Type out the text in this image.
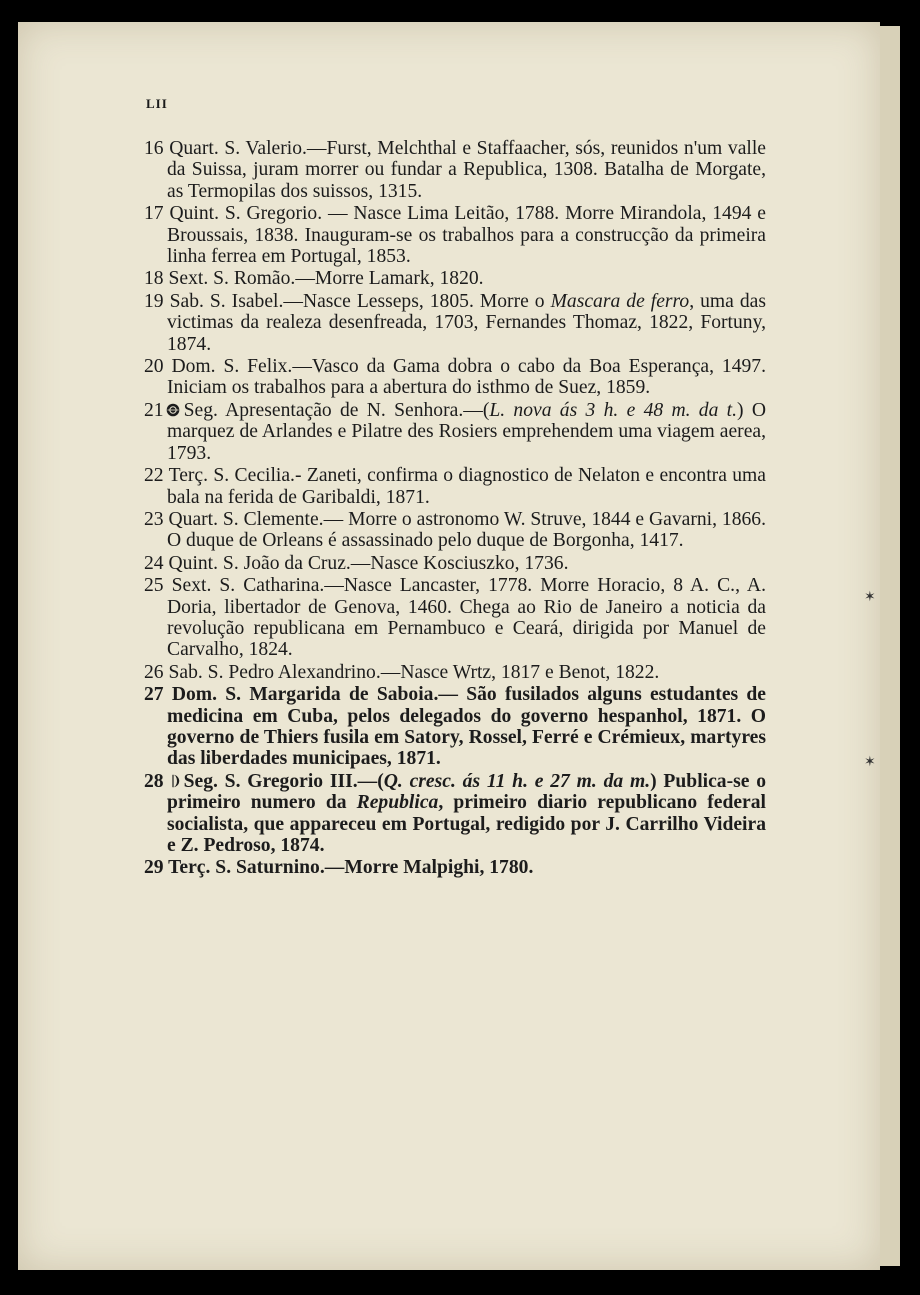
✶
✶
LII

16 Quart. S. Valerio.—Furst, Melchthal e Staffaacher, sós, reunidos n'um valle da Suissa, juram morrer ou fundar a Republica, 1308. Batalha de Morgate, as Termopilas dos suissos, 1315.

17 Quint. S. Gregorio. — Nasce Lima Leitão, 1788. Morre Mirandola, 1494 e Broussais, 1838. Inauguram-se os trabalhos para a construcção da primeira linha ferrea em Portugal, 1853.

18 Sext. S. Romão.—Morre Lamark, 1820.

19 Sab. S. Isabel.—Nasce Lesseps, 1805. Morre o Mascara de ferro, uma das victimas da realeza desenfreada, 1703, Fernandes Thomaz, 1822, Fortuny, 1874.

20 Dom. S. Felix.—Vasco da Gama dobra o cabo da Boa Esperança, 1497. Iniciam os trabalhos para a abertura do isthmo de Suez, 1859.

21 Seg. Apresentação de N. Senhora.—(L. nova ás 3 h. e 48 m. da t.) O marquez de Arlandes e Pilatre des Rosiers emprehendem uma viagem aerea, 1793.

22 Terç. S. Cecilia.- Zaneti, confirma o diagnostico de Nelaton e encontra uma bala na ferida de Garibaldi, 1871.

23 Quart. S. Clemente.— Morre o astronomo W. Struve, 1844 e Gavarni, 1866. O duque de Orleans é assassinado pelo duque de Borgonha, 1417.

24 Quint. S. João da Cruz.—Nasce Kosciuszko, 1736.

25 Sext. S. Catharina.—Nasce Lancaster, 1778. Morre Horacio, 8 A. C., A. Doria, libertador de Genova, 1460. Chega ao Rio de Janeiro a noticia da revolução republicana em Pernambuco e Ceará, dirigida por Manuel de Carvalho, 1824.

26 Sab. S. Pedro Alexandrino.—Nasce Wrtz, 1817 e Benot, 1822.

27 Dom. S. Margarida de Saboia.— São fusilados alguns estudantes de medicina em Cuba, pelos delegados do governo hespanhol, 1871. O governo de Thiers fusila em Satory, Rossel, Ferré e Crémieux, martyres das liberdades municipaes, 1871.

28 Seg. S. Gregorio III.—(Q. cresc. ás 11 h. e 27 m. da m.) Publica-se o primeiro numero da Republica, primeiro diario republicano federal socialista, que appareceu em Portugal, redigido por J. Carrilho Videira e Z. Pedroso, 1874.

29 Terç. S. Saturnino.—Morre Malpighi, 1780.
